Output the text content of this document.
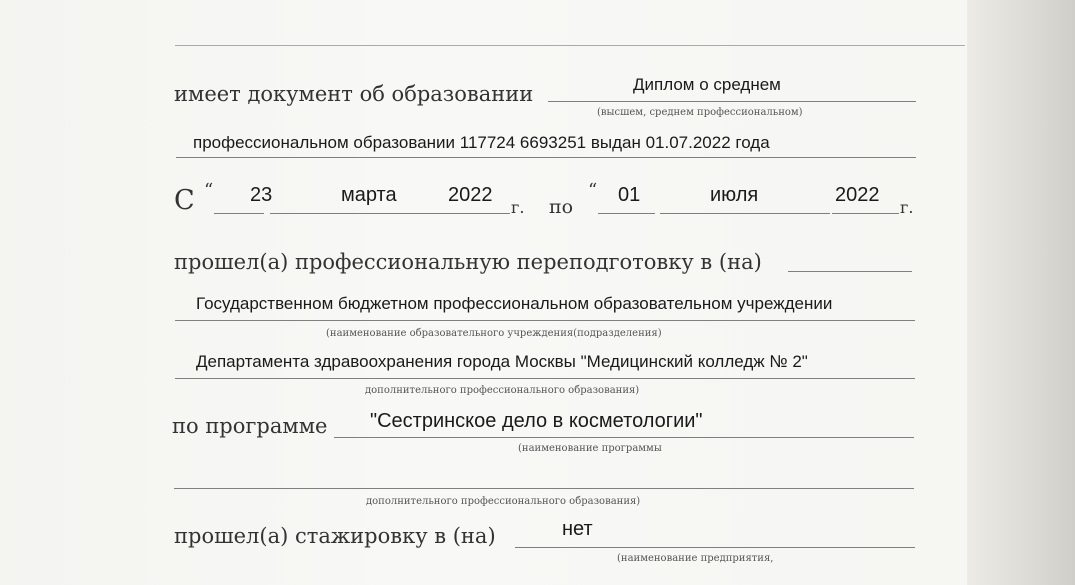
имеет документ об образовании	Диплом о среднем
(высшем, среднем профессиональном)
профессиональном образовании 117724 6693251 выдан 01.07.2022 года
С “ 23	марта	2022
г. по
“ 01	июля	2022
г.
прошел(а) профессиональную переподготовку в (на)
Государственном бюджетном профессиональном образовательном учреждении
(наименование образовательного учреждения(подразделения)
Департамента здравоохранения города Москвы "Медицинский колледж № 2"
дополнительного профессионального образования)
по программе "Сестринское дело в косметологии"
(наименование программы
дополнительного профессионального образования)
прошел(а) стажировку в (на)	нет
(наименование предприятия,
